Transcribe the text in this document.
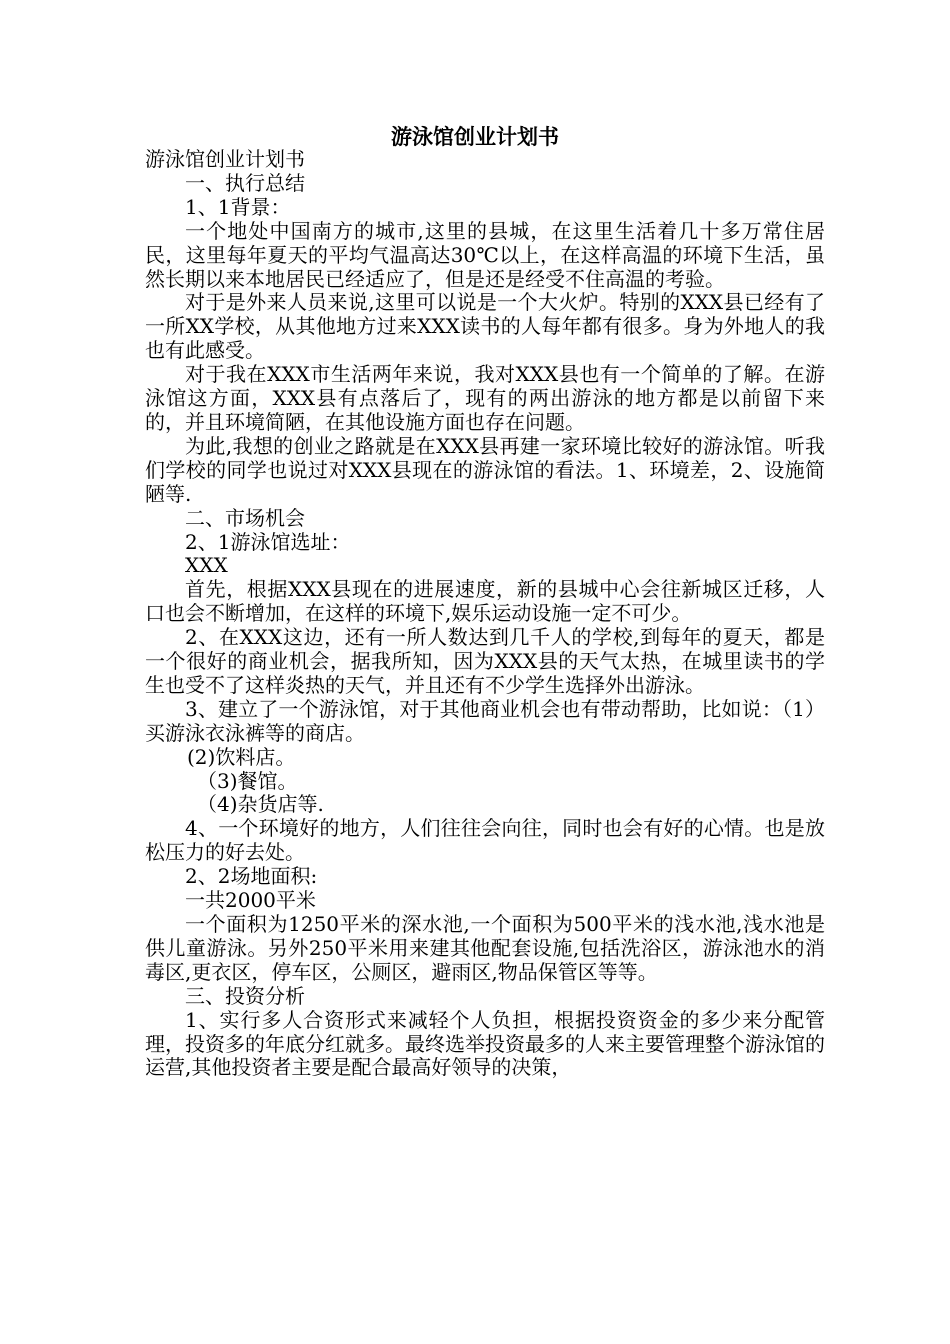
游泳馆创业计划书

游泳馆创业计划书

一、执行总结

1、1背景：

一个地处中国南方的城市,这里的县城，在这里生活着几十多万常住居民，这里每年夏天的平均气温高达30℃以上，在这样高温的环境下生活，虽然长期以来本地居民已经适应了，但是还是经受不住高温的考验。

对于是外来人员来说,这里可以说是一个大火炉。特别的XXX县已经有了一所XX学校，从其他地方过来XXX读书的人每年都有很多。身为外地人的我也有此感受。

对于我在XXX市生活两年来说，我对XXX县也有一个简单的了解。在游泳馆这方面，XXX县有点落后了，现有的两出游泳的地方都是以前留下来的，并且环境简陋，在其他设施方面也存在问题。

为此,我想的创业之路就是在XXX县再建一家环境比较好的游泳馆。听我们学校的同学也说过对XXX县现在的游泳馆的看法。1、环境差，2、设施简陋等.

二、市场机会

2、1游泳馆选址：

XXX

首先，根据XXX县现在的进展速度，新的县城中心会往新城区迁移，人口也会不断增加，在这样的环境下,娱乐运动设施一定不可少。

2、在XXX这边，还有一所人数达到几千人的学校,到每年的夏天，都是一个很好的商业机会，据我所知，因为XXX县的天气太热，在城里读书的学生也受不了这样炎热的天气，并且还有不少学生选择外出游泳。

3、建立了一个游泳馆，对于其他商业机会也有带动帮助，比如说：（1）买游泳衣泳裤等的商店。

(2)饮料店。

（3)餐馆。

（4)杂货店等.

4、一个环境好的地方，人们往往会向往，同时也会有好的心情。也是放松压力的好去处。

2、2场地面积:

一共2000平米

一个面积为1250平米的深水池,一个面积为500平米的浅水池,浅水池是供儿童游泳。另外250平米用来建其他配套设施,包括洗浴区，游泳池水的消毒区,更衣区，停车区，公厕区，避雨区,物品保管区等等。

三、投资分析

1、实行多人合资形式来减轻个人负担，根据投资资金的多少来分配管理，投资多的年底分红就多。最终选举投资最多的人来主要管理整个游泳馆的运营,其他投资者主要是配合最高好领导的决策，
